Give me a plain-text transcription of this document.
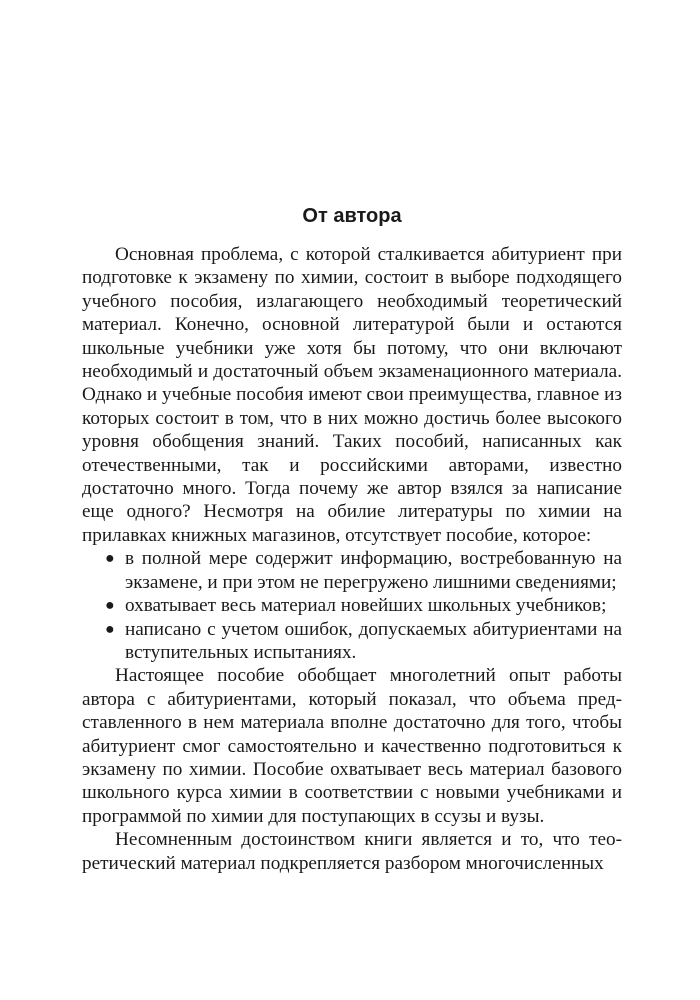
От автора

Основная проблема, с которой сталкивается абитуриент при подготовке к экзамену по химии, состоит в выборе подходящего учебного пособия, излагающего необходимый теоретический материал. Конечно, основной литературой были и остаются школьные учебники уже хотя бы потому, что они включают необходимый и достаточный объем экзаменационного материала. Однако и учебные пособия имеют свои преимущества, главное из которых состоит в том, что в них можно достичь более высокого уровня обобщения знаний. Таких пособий, написанных как отечественными, так и российскими авторами, известно достаточно много. Тогда почему же автор взялся за написание еще одного? Несмотря на обилие литературы по химии на прилавках книжных магазинов, отсутствует пособие, которое:

● в полной мере содержит информацию, востребованную на экзамене, и при этом не перегружено лишними сведениями;
● охватывает весь материал новейших школьных учебников;
● написано с учетом ошибок, допускаемых абитуриентами на вступительных испытаниях.

Настоящее пособие обобщает многолетний опыт работы автора с абитуриентами, который показал, что объема представленного в нем материала вполне достаточно для того, чтобы абитуриент смог самостоятельно и качественно подготовиться к экзамену по химии. Пособие охватывает весь материал базового школьного курса химии в соответствии с новыми учебниками и программой по химии для поступающих в ссузы и вузы.

Несомненным достоинством книги является и то, что теоретический материал подкрепляется разбором многочисленных
